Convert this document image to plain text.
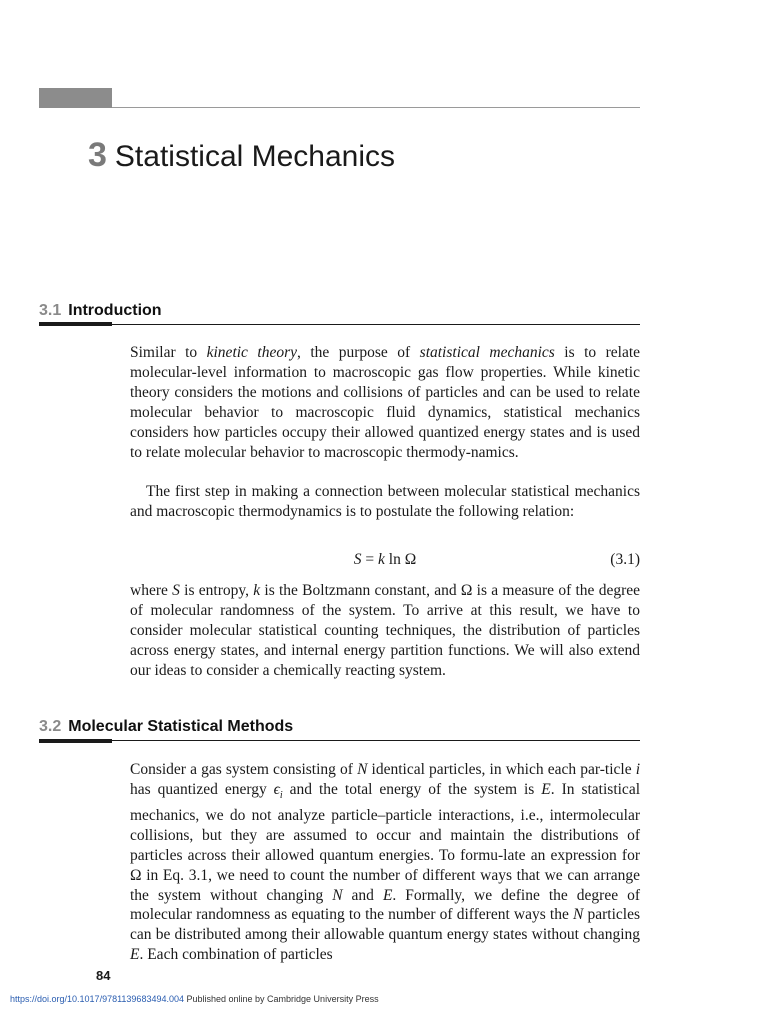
3 Statistical Mechanics
3.1 Introduction

Similar to kinetic theory, the purpose of statistical mechanics is to relate molecular-level information to macroscopic gas flow properties. While kinetic theory considers the motions and collisions of particles and can be used to relate molecular behavior to macroscopic fluid dynamics, statistical mechanics considers how particles occupy their allowed quantized energy states and is used to relate molecular behavior to macroscopic thermody-namics.

The first step in making a connection between molecular statistical mechanics and macroscopic thermodynamics is to postulate the following relation:

S = k ln Ω	(3.1)

where S is entropy, k is the Boltzmann constant, and Ω is a measure of the degree of molecular randomness of the system. To arrive at this result, we have to consider molecular statistical counting techniques, the distribution of particles across energy states, and internal energy partition functions. We will also extend our ideas to consider a chemically reacting system.

3.2 Molecular Statistical Methods

Consider a gas system consisting of N identical particles, in which each par-ticle i has quantized energy $\epsilon_i$ and the total energy of the system is E. In statistical mechanics, we do not analyze particle–particle interactions, i.e., intermolecular collisions, but they are assumed to occur and maintain the distributions of particles across their allowed quantum energies. To formu-late an expression for Ω in Eq. 3.1, we need to count the number of different ways that we can arrange the system without changing N and E. Formally, we define the degree of molecular randomness as equating to the number of different ways the N particles can be distributed among their allowable quantum energy states without changing E. Each combination of particles

84
https://doi.org/10.1017/9781139683494.004 Published online by Cambridge University Press
